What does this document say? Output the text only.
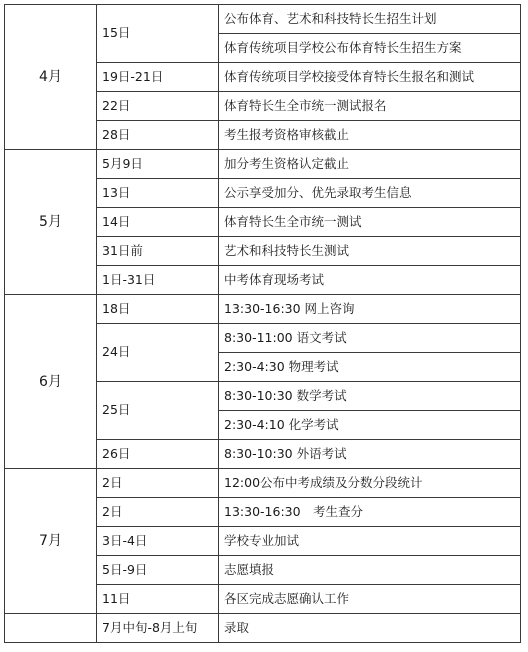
4月	15日	公布体育、艺术和科技特长生招生计划
		体育传统项目学校公布体育特长生招生方案
	19日-21日	体育传统项目学校接受体育特长生报名和测试
	22日	体育特长生全市统一测试报名
	28日	考生报考资格审核截止
5月	5月9日	加分考生资格认定截止
	13日	公示享受加分、优先录取考生信息
	14日	体育特长生全市统一测试
	31日前	艺术和科技特长生测试
	1日-31日	中考体育现场考试
6月	18日	13:30-16:30 网上咨询
	24日	8:30-11:00 语文考试
		2:30-4:30 物理考试
	25日	8:30-10:30 数学考试
		2:30-4:10 化学考试
	26日	8:30-10:30 外语考试
7月	2日	12:00公布中考成绩及分数分段统计
	2日	13:30-16:30　考生查分
	3日-4日	学校专业加试
	5日-9日	志愿填报
	11日	各区完成志愿确认工作
	7月中旬-8月上旬	录取
